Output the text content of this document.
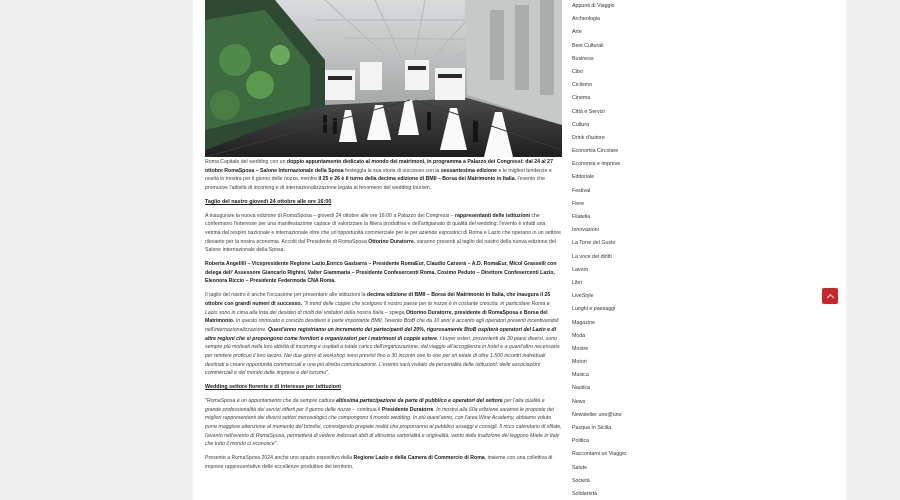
Roma Capitale del wedding con un doppio appuntamento dedicato al mondo dei matrimoni, in programma a Palazzo dei Congressi: dal 24 al 27 ottobre RomaSposa – Salone Internazionale della Sposa festeggia la sua storia di successo con la sessantesima edizione e le migliori tendenze e novità in mostra per il giorno delle nozze, mentre il 25 e 26 è il turno della decima edizione di BMII – Borsa dei Matrimonio in Italia. l'evento che promuove l'attività di incoming e di internazionalizzazione legata al fenomeno del wedding tourism.

Taglio del nastro giovedì 24 ottobre alle ore 16:00

A inaugurare la nuova edizione di RomaSposa – giovedì 24 ottobre alle ore 16:00 a Palazzo dei Congressi – rappresentanti delle istituzioni che confermano l'interesse per una manifestazione capace di valorizzare la filiera produttiva e dell'artigianato di qualità del wedding: l'evento è infatti una vetrina dal respiro nazionale e internazionale oltre che un'opportunità commerciale per le per aziende espositrici di Roma e Lazio che operano in un settore rilevante per la nostra economia. Accolti dal Presidente di RomaSposa Ottorino Duratorre, saranno presenti al taglio del nastro della nuova edizione del Salone internazionale della Sposa:

Roberta Angelilli – Vicepresidente Regione Lazio,Enrico Gasbarra – Presidente RomaEur, Claudio Carserà – A.D. RomaEur, Micol Grasselli con delega dell' Assessore Giancarlo Righini, Valter Giammaria – Presidente Confesercenti Roma, Cosimo Peduto – Direttore Confesercenti Lazio, Eleonora Riccio – Presidente Federmoda CNA Roma.

Il taglio del nastro è anche l'occasione per presentare alle istituzioni la decima edizione di BMII – Borsa dei Matrimonio in Italia, che inaugura il 25 ottobre con grandi numeri di successo. "Il trend delle coppie che scelgono il nostro paese per le nozze è in costante crescita: in particolare Roma e Lazio sono in cima alla lista dei desideri di molti dei visitatori della nostra Italia – spiega Ottorino Duratorre, presidente di RomaSposa e Borsa del Matrimonio. In questo rinnovato e crescito desiderio è parte importante BMII, l'evento BtoB che da 10 anni è accanto agli operatori presenti incentivandoli nell'internazionalizzazione. Quest'anno registriamo un incremento dei partecipanti del 20%, rigorosamente BtoB ospiterà operatori del Lazio e di altre regioni che si propongono come fornitori e organizzatori per i matrimoni di coppie estere. I buyer esteri, provenienti da 30 paesi diversi, sono sempre più motivati nella loro attività di incoming e ospitati a totale carico dell'organizzazione, dal viaggio all'accoglienza in hotel e a quant'altro necessario per rendere proficuo il loro lavoro. Nei due giorni di workshop sono previsti fino a 30 incontri one to one per un totale di oltre 1.500 incontri individuali destinati a creare opportunità commerciali e una più diretta comunicazione. L'evento sarà visitato da personalità delle istituzioni, delle associazioni commerciali e del mondo delle imprese e del turismo".

Wedding settore fiorente e di interesse per istituzioni

"RomaSposa è un appuntamento che da sempre cattura altissima partecipazione da parte di pubblico e operatori del settore per l'alta qualità e grande professionalità dei servizi offerti per il giorno delle nozze – continua il Presidente Duratorre. In mostra alla 60a edizione saranno le proposte dei migliori rappresentanti dei diversi settori merceologici che compongono il mondo wedding. In più quest'anno, con l'area Wine Academy, abbiamo voluto porre maggiore attenzione al momento del brindisi, coinvolgendo pregiate realtà che proporranno al pubblico assaggi e consigli. Il ricco calendario di sfilate, l'evento nell'evento di RomaSposa, permetterà di vedere indossati abiti di altissima sartorialità e originalità, vanto della tradizione del leggono Made in Italy che tutto il mondo ci riconosce".

Presente a RomaSposa 2024 anche uno spazio espositivo della Regione Lazio e della Camera di Commercio di Roma, insieme con una collettiva di imprese rappresentative delle eccellenze produttive del territorio.

Appunti di Viaggio
Archeologia
Arte
Beni Culturali
Business
Cibo
Ciclismo
Cinema
Città e Servizi
Cultura
Drink d'autore
Economia Circolare
Economia e imprese
Editoriale
Festival
Fiere
Filatelia
Innovazioni
La Torre del Gusto
La voce dei diritti
Lavoro
Libri
LiveStyle
Luoghi e paesaggi
Magazine
Moda
Mostre
Motori
Musica
Nautica
News
Newsletter uno@uno
Pasqua In Sicilia
Politica
Raccontami un Viaggio
Salute
Società
Solidarietà
